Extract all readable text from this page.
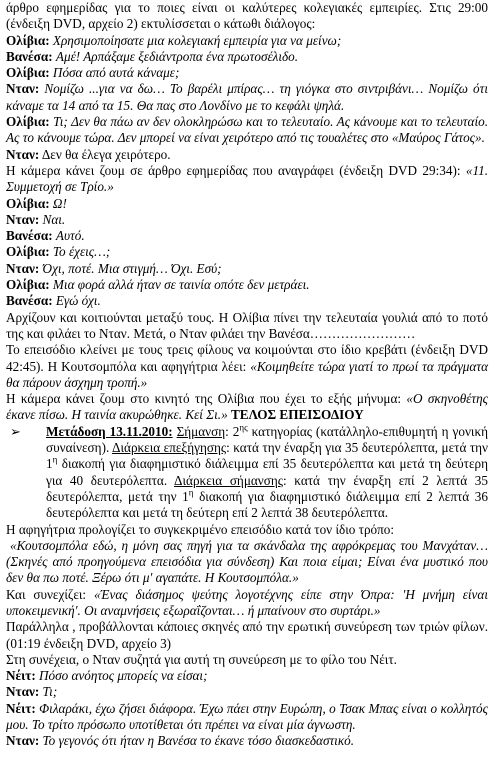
άρθρο εφημερίδας για το ποιες είναι οι καλύτερες κολεγιακές εμπειρίες. Στις 29:00 (ένδειξη DVD, αρχείο 2) εκτυλίσσεται ο κάτωθι διάλογος:

Ολίβια: Χρησιμοποίησατε μια κολεγιακή εμπειρία για να μείνω;

Βανέσα: Αμέ! Αρπάξαμε ξεδιάντροπα ένα πρωτοσέλιδο.

Ολίβια: Πόσα από αυτά κάναμε;

Νταν: Νομίζω ...για να δω… Το βαρέλι μπίρας… τη γιόγκα στο σιντριβάνι… Νομίζω ότι κάναμε τα 14 από τα 15. Θα πας στο Λονδίνο με το κεφάλι ψηλά.

Ολίβια: Τι; Δεν θα πάω αν δεν ολοκληρώσω και το τελευταίο. Ας κάνουμε και το τελευταίο. Ας το κάνουμε τώρα. Δεν μπορεί να είναι χειρότερο από τις τουαλέτες στο «Μαύρος Γάτος».

Νταν: Δεν θα έλεγα χειρότερο.

Η κάμερα κάνει ζουμ σε άρθρο εφημερίδας που αναγράφει (ένδειξη DVD 29:34): «11. Συμμετοχή σε Τρίο.»

Ολίβια: Ω!

Νταν: Ναι.

Βανέσα: Αυτό.

Ολίβια: Το έχεις…;

Νταν: Όχι, ποτέ. Μια στιγμή… Όχι. Εσύ;

Ολίβια: Μια φορά αλλά ήταν σε ταινία οπότε δεν μετράει.

Βανέσα: Εγώ όχι.

Αρχίζουν και κοιτιούνται μεταξύ τους. Η Ολίβια πίνει την τελευταία γουλιά από το ποτό της και φιλάει το Νταν. Μετά, ο Νταν φιλάει την Βανέσα……………………

Το επεισόδιο κλείνει με τους τρεις φίλους να κοιμούνται στο ίδιο κρεβάτι (ένδειξη DVD 42:45). Η Κουτσομπόλα και αφηγήτρια λέει: «Κοιμηθείτε τώρα γιατί το πρωί τα πράγματα θα πάρουν άσχημη τροπή.»

Η κάμερα κάνει ζουμ στο κινητό της Ολίβια που έχει το εξής μήνυμα: «Ο σκηνοθέτης έκανε πίσω. Η ταινία ακυρώθηκε. Κεί Σι.» ΤΕΛΟΣ ΕΠΕΙΣΟΔΙΟΥ

➢ Μετάδοση 13.11.2010: Σήμανση: $2^{\eta\varsigma}$ κατηγορίας (κατάλληλο-επιθυμητή η γονική συναίνεση). Διάρκεια επεξήγησης: κατά την έναρξη για 35 δευτερόλεπτα, μετά την $1^\eta$ διακοπή για διαφημιστικό διάλειμμα επί 35 δευτερόλεπτα και μετά τη δεύτερη για 40 δευτερόλεπτα. Διάρκεια σήμανσης: κατά την έναρξη επί 2 λεπτά 35 δευτερόλεπτα, μετά την $1^\eta$ διακοπή για διαφημιστικό διάλειμμα επί 2 λεπτά 36 δευτερόλεπτα και μετά τη δεύτερη επί 2 λεπτά 38 δευτερόλεπτα.

Η αφηγήτρια προλογίζει το συγκεκριμένο επεισόδιο κατά τον ίδιο τρόπο:

«Κουτσομπόλα εδώ, η μόνη σας πηγή για τα σκάνδαλα της αφρόκρεμας του Μανχάταν… (Σκηνές από προηγούμενα επεισόδια για σύνδεση) Και ποια είμαι; Είναι ένα μυστικό που δεν θα πω ποτέ. Ξέρω ότι μ' αγαπάτε. Η Κουτσομπόλα.»

Και συνεχίζει: «Ένας διάσημος ψεύτης λογοτέχνης είπε στην Όπρα: 'Η μνήμη είναι υποκειμενική'. Οι αναμνήσεις εξωραΐζονται… ή μπαίνουν στο συρτάρι.»

Παράλληλα , προβάλλονται κάποιες σκηνές από την ερωτική συνεύρεση των τριών φίλων. (01:19 ένδειξη DVD, αρχείο 3)

Στη συνέχεια, ο Νταν συζητά για αυτή τη συνεύρεση με το φίλο του Νέιτ.

Νέιτ: Πόσο ανόητος μπορείς να είσαι;

Νταν: Τι;

Νέιτ: Φιλαράκι, έχω ζήσει διάφορα. Έχω πάει στην Ευρώπη, ο Τσακ Μπας είναι ο κολλητός μου. Το τρίτο πρόσωπο υποτίθεται ότι πρέπει να είναι μία άγνωστη.

Νταν: Το γεγονός ότι ήταν η Βανέσα το έκανε τόσο διασκεδαστικό.
